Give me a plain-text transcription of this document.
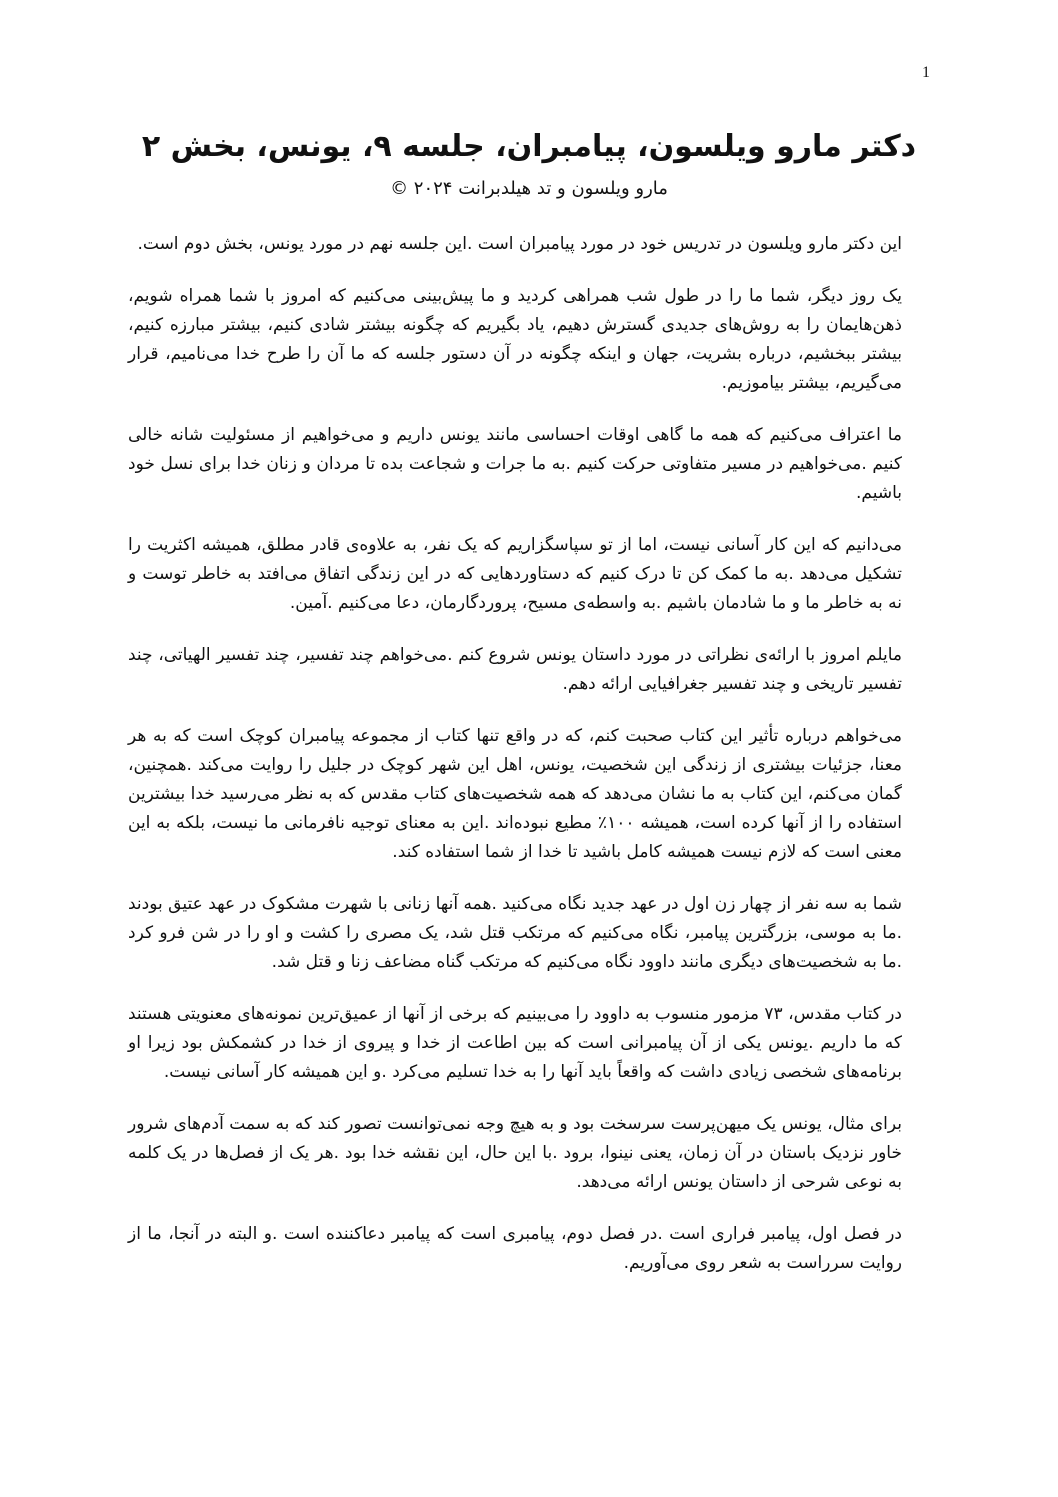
1
دکتر مارو ویلسون، پیامبران، جلسه ۹، یونس، بخش ۲

مارو ویلسون و تد هیلدبرانت ۲۰۲۴ ©

این دکتر مارو ویلسون در تدریس خود در مورد پیامبران است .این جلسه نهم در مورد یونس، بخش دوم است.

یک روز دیگر، شما ما را در طول شب همراهی کردید و ما پیش‌بینی می‌کنیم که امروز با شما همراه شویم، ذهن‌هایمان را به روش‌های جدیدی گسترش دهیم، یاد بگیریم که چگونه بیشتر شادی کنیم، بیشتر مبارزه کنیم، بیشتر ببخشیم، درباره بشریت، جهان و اینکه چگونه در آن دستور جلسه که ما آن را طرح خدا می‌نامیم، قرار می‌گیریم، بیشتر بیاموزیم.

ما اعتراف می‌کنیم که همه ما گاهی اوقات احساسی مانند یونس داریم و می‌خواهیم از مسئولیت شانه خالی کنیم .می‌خواهیم در مسیر متفاوتی حرکت کنیم .به ما جرات و شجاعت بده تا مردان و زنان خدا برای نسل خود باشیم.

می‌دانیم که این کار آسانی نیست، اما از تو سپاسگزاریم که یک نفر، به علاوه‌ی قادر مطلق، همیشه اکثریت را تشکیل می‌دهد .به ما کمک کن تا درک کنیم که دستاوردهایی که در این زندگی اتفاق می‌افتد به خاطر توست و نه به خاطر ما و ما شادمان باشیم .به واسطه‌ی مسیح، پروردگارمان، دعا می‌کنیم .آمین.

مایلم امروز با ارائه‌ی نظراتی در مورد داستان یونس شروع کنم .می‌خواهم چند تفسیر، چند تفسیر الهیاتی، چند تفسیر تاریخی و چند تفسیر جغرافیایی ارائه دهم.

می‌خواهم درباره تأثیر این کتاب صحبت کنم، که در واقع تنها کتاب از مجموعه پیامبران کوچک است که به هر معنا، جزئیات بیشتری از زندگی این شخصیت، یونس، اهل این شهر کوچک در جلیل را روایت می‌کند .همچنین، گمان می‌کنم، این کتاب به ما نشان می‌دهد که همه شخصیت‌های کتاب مقدس که به نظر می‌رسید خدا بیشترین استفاده را از آنها کرده است، همیشه ۱۰۰٪ مطیع نبوده‌اند .این به معنای توجیه نافرمانی ما نیست، بلکه به این معنی است که لازم نیست همیشه کامل باشید تا خدا از شما استفاده کند.

شما به سه نفر از چهار زن اول در عهد جدید نگاه می‌کنید .همه آنها زنانی با شهرت مشکوک در عهد عتیق بودند .ما به موسی، بزرگترین پیامبر، نگاه می‌کنیم که مرتکب قتل شد، یک مصری را کشت و او را در شن فرو کرد .ما به شخصیت‌های دیگری مانند داوود نگاه می‌کنیم که مرتکب گناه مضاعف زنا و قتل شد.

در کتاب مقدس، ۷۳ مزمور منسوب به داوود را می‌بینیم که برخی از آنها از عمیق‌ترین نمونه‌های معنویتی هستند که ما داریم .یونس یکی از آن پیامبرانی است که بین اطاعت از خدا و پیروی از خدا در کشمکش بود زیرا او برنامه‌های شخصی زیادی داشت که واقعاً باید آنها را به خدا تسلیم می‌کرد .و این همیشه کار آسانی نیست.

برای مثال، یونس یک میهن‌پرست سرسخت بود و به هیچ وجه نمی‌توانست تصور کند که به سمت آدم‌های شرور خاور نزدیک باستان در آن زمان، یعنی نینوا، برود .با این حال، این نقشه خدا بود .هر یک از فصل‌ها در یک کلمه به نوعی شرحی از داستان یونس ارائه می‌دهد.

در فصل اول، پیامبر فراری است .در فصل دوم، پیامبری است که پیامبر دعاکننده است .و البته در آنجا، ما از روایت سرراست به شعر روی می‌آوریم.
